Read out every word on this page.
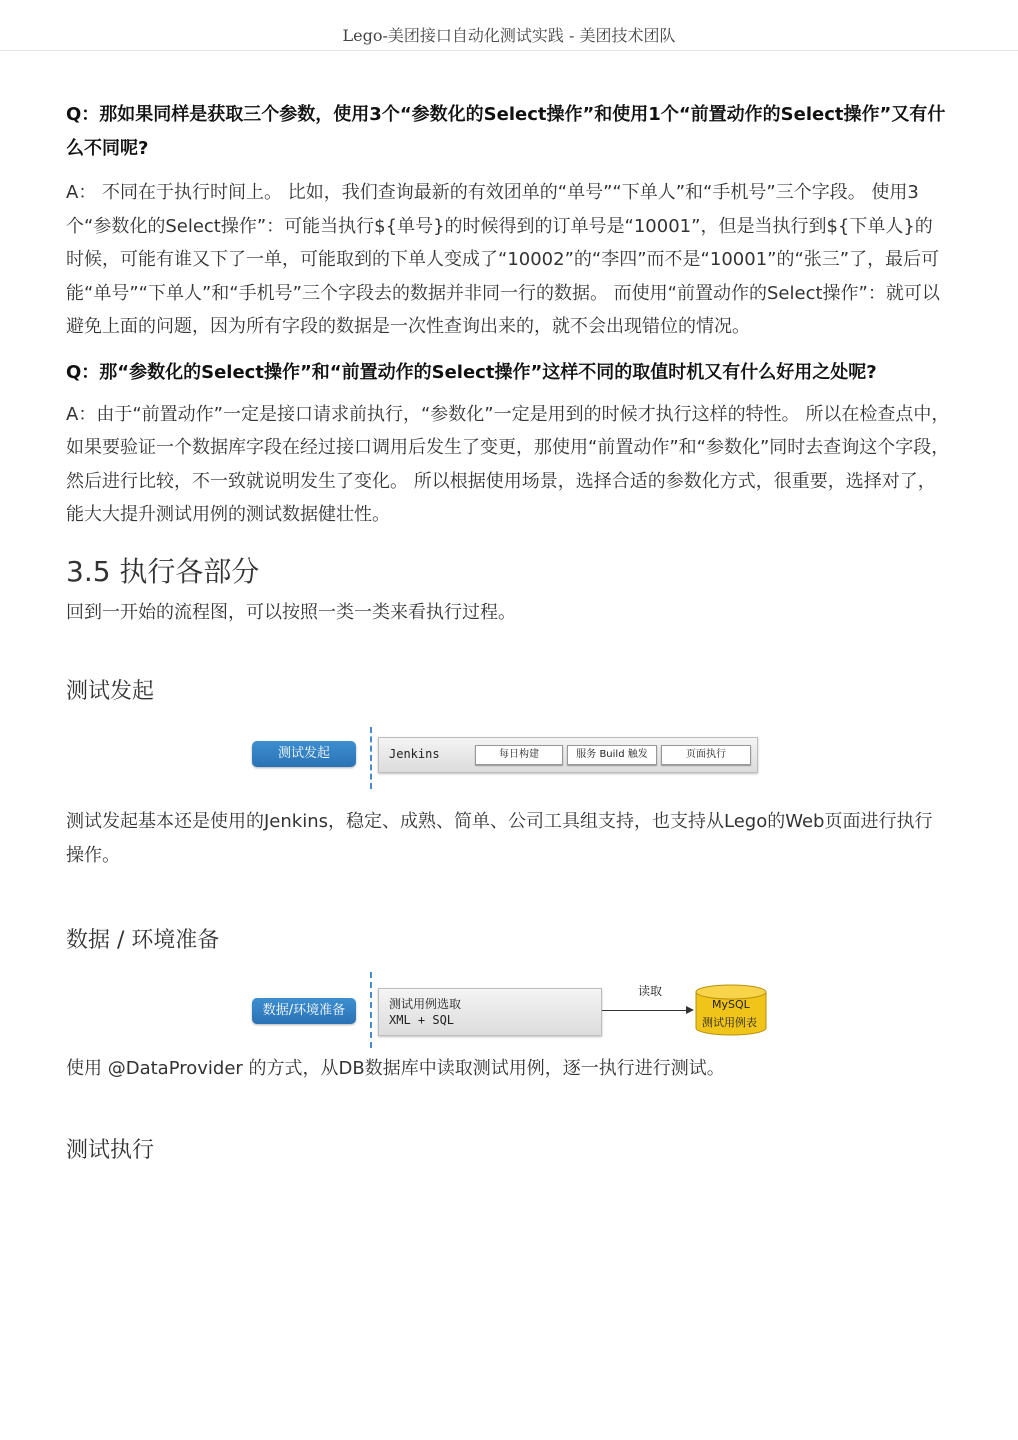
Lego-美团接口自动化测试实践 - 美团技术团队
Q：那如果同样是获取三个参数，使用3个“参数化的Select操作”和使用1个“前置动作的Select操作”又有什么不同呢?
A： 不同在于执行时间上。 比如，我们查询最新的有效团单的“单号”“下单人”和“手机号”三个字段。 使用3个“参数化的Select操作”：可能当执行${单号}的时候得到的订单号是“10001”，但是当执行到${下单人}的时候，可能有谁又下了一单，可能取到的下单人变成了“10002”的“李四”而不是“10001”的“张三”了，最后可能“单号”“下单人”和“手机号”三个字段去的数据并非同一行的数据。 而使用“前置动作的Select操作”：就可以避免上面的问题，因为所有字段的数据是一次性查询出来的，就不会出现错位的情况。
Q：那“参数化的Select操作”和“前置动作的Select操作”这样不同的取值时机又有什么好用之处呢?
A：由于“前置动作”一定是接口请求前执行，“参数化”一定是用到的时候才执行这样的特性。 所以在检查点中，如果要验证一个数据库字段在经过接口调用后发生了变更，那使用“前置动作”和“参数化”同时去查询这个字段，然后进行比较，不一致就说明发生了变化。 所以根据使用场景，选择合适的参数化方式，很重要，选择对了，能大大提升测试用例的测试数据健壮性。
3.5 执行各部分
回到一开始的流程图，可以按照一类一类来看执行过程。
测试发起
测试发起	Jenkins	每日构建	服务 Build 触发	页面执行
测试发起基本还是使用的Jenkins，稳定、成熟、简单、公司工具组支持，也支持从Lego的Web页面进行执行操作。
数据 / 环境准备
数据/环境准备	测试用例选取
XML + SQL
读取
MySQL
测试用例表
使用 @DataProvider 的方式，从DB数据库中读取测试用例，逐一执行进行测试。
测试执行
